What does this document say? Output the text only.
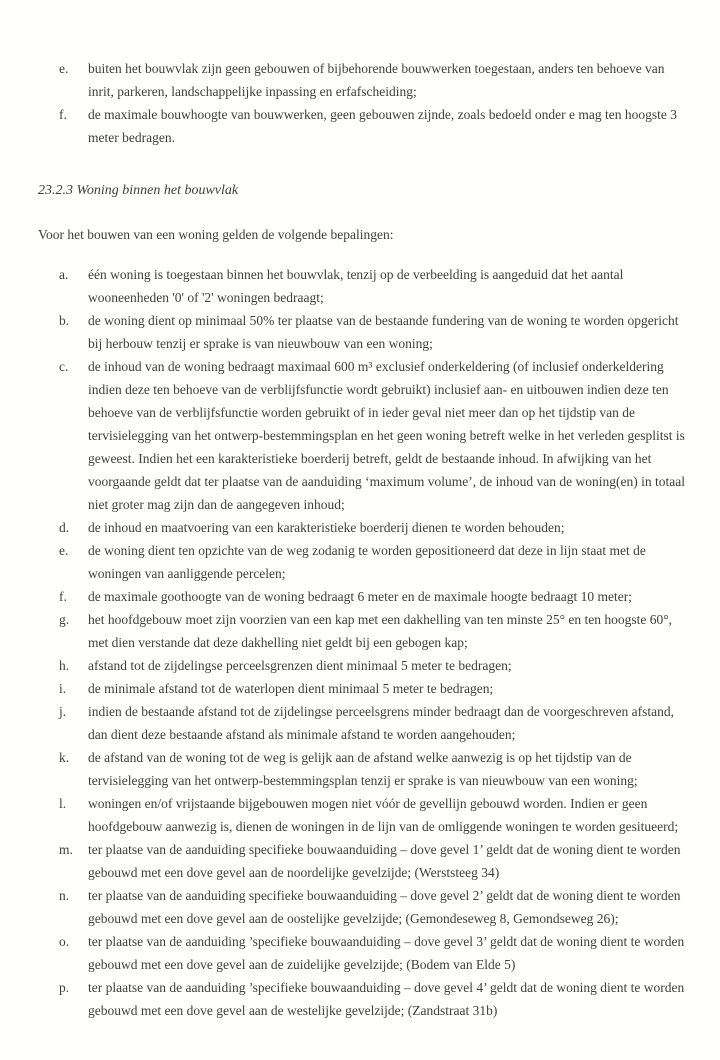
e. buiten het bouwvlak zijn geen gebouwen of bijbehorende bouwwerken toegestaan, anders ten behoeve van inrit, parkeren, landschappelijke inpassing en erfafscheiding;
f. de maximale bouwhoogte van bouwwerken, geen gebouwen zijnde, zoals bedoeld onder e mag ten hoogste 3 meter bedragen.
23.2.3 Woning binnen het bouwvlak

Voor het bouwen van een woning gelden de volgende bepalingen:

a. één woning is toegestaan binnen het bouwvlak, tenzij op de verbeelding is aangeduid dat het aantal wooneenheden '0' of '2' woningen bedraagt;
b. de woning dient op minimaal 50% ter plaatse van de bestaande fundering van de woning te worden opgericht bij herbouw tenzij er sprake is van nieuwbouw van een woning;
c. de inhoud van de woning bedraagt maximaal 600 m³ exclusief onderkeldering (of inclusief onderkeldering indien deze ten behoeve van de verblijfsfunctie wordt gebruikt) inclusief aan- en uitbouwen indien deze ten behoeve van de verblijfsfunctie worden gebruikt of in ieder geval niet meer dan op het tijdstip van de tervisielegging van het ontwerp-bestemmingsplan en het geen woning betreft welke in het verleden gesplitst is geweest. Indien het een karakteristieke boerderij betreft, geldt de bestaande inhoud. In afwijking van het voorgaande geldt dat ter plaatse van de aanduiding ‘maximum volume’, de inhoud van de woning(en) in totaal niet groter mag zijn dan de aangegeven inhoud;
d. de inhoud en maatvoering van een karakteristieke boerderij dienen te worden behouden;
e. de woning dient ten opzichte van de weg zodanig te worden gepositioneerd dat deze in lijn staat met de woningen van aanliggende percelen;
f. de maximale goothoogte van de woning bedraagt 6 meter en de maximale hoogte bedraagt 10 meter;
g. het hoofdgebouw moet zijn voorzien van een kap met een dakhelling van ten minste 25° en ten hoogste 60°, met dien verstande dat deze dakhelling niet geldt bij een gebogen kap;
h. afstand tot de zijdelingse perceelsgrenzen dient minimaal 5 meter te bedragen;
i. de minimale afstand tot de waterlopen dient minimaal 5 meter te bedragen;
j. indien de bestaande afstand tot de zijdelingse perceelsgrens minder bedraagt dan de voorgeschreven afstand, dan dient deze bestaande afstand als minimale afstand te worden aangehouden;
k. de afstand van de woning tot de weg is gelijk aan de afstand welke aanwezig is op het tijdstip van de tervisielegging van het ontwerp-bestemmingsplan tenzij er sprake is van nieuwbouw van een woning;
l. woningen en/of vrijstaande bijgebouwen mogen niet vóór de gevellijn gebouwd worden. Indien er geen hoofdgebouw aanwezig is, dienen de woningen in de lijn van de omliggende woningen te worden gesitueerd;
m. ter plaatse van de aanduiding specifieke bouwaanduiding – dove gevel 1’ geldt dat de woning dient te worden gebouwd met een dove gevel aan de noordelijke gevelzijde; (Werststeeg 34)
n. ter plaatse van de aanduiding specifieke bouwaanduiding – dove gevel 2’ geldt dat de woning dient te worden gebouwd met een dove gevel aan de oostelijke gevelzijde; (Gemondeseweg 8, Gemondseweg 26);
o. ter plaatse van de aanduiding ’specifieke bouwaanduiding – dove gevel 3’ geldt dat de woning dient te worden gebouwd met een dove gevel aan de zuidelijke gevelzijde; (Bodem van Elde 5)
p. ter plaatse van de aanduiding ’specifieke bouwaanduiding – dove gevel 4’ geldt dat de woning dient te worden gebouwd met een dove gevel aan de westelijke gevelzijde; (Zandstraat 31b)
